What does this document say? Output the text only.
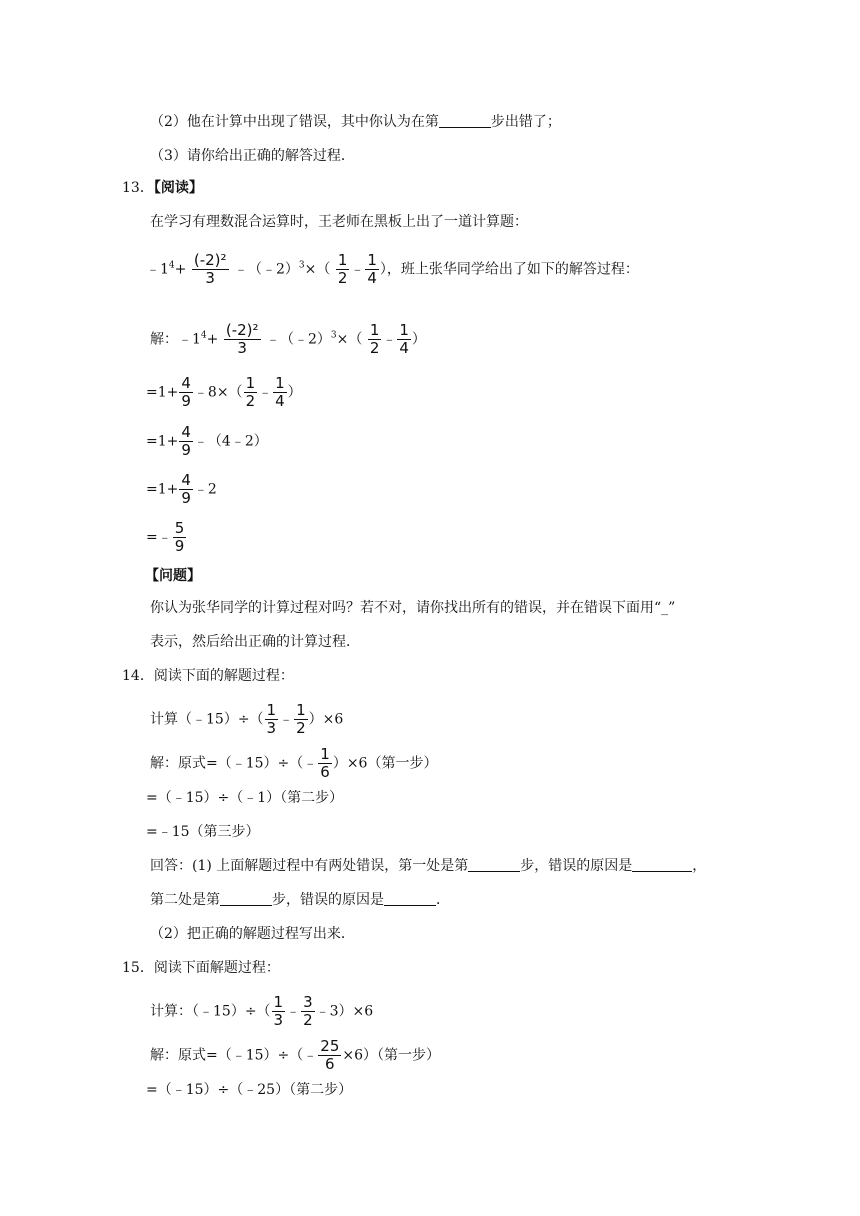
（2）他在计算中出现了错误，其中你认为在第	步出错了；
（3）请你给出正确的解答过程．
13．【阅读】
在学习有理数混合运算时，王老师在黑板上出了一道计算题：
$﹣1^4+ \frac{\text{(-2)²}}{3}$ ﹣（﹣2）$^3$×（ $\frac{1}{2}$ ﹣ $\frac{1}{4}$ ），班上张华同学给出了如下的解答过程：
解：$﹣1^4+ \frac{\text{(-2)²}}{3}$ ﹣（﹣2）$^3$×（ $\frac{1}{2}$ ﹣ $\frac{1}{4}$ ）
$=1+ \frac{4}{9}$ ﹣8×（ $\frac{1}{2}$ ﹣ $\frac{1}{4}$ ）
$=1+ \frac{4}{9}$ ﹣（4﹣2）
$=1+ \frac{4}{9}$ ﹣2
=﹣ $\frac{5}{9}$
【问题】
你认为张华同学的计算过程对吗？若不对，请你找出所有的错误，并在错误下面用“_”
表示，然后给出正确的计算过程．
14．阅读下面的解题过程：
计算（﹣15）÷（ $\frac{1}{3}$ ﹣ $\frac{1}{2} )\times 6$
解：原式=（﹣15）÷（﹣ $\frac{1}{6} )\times 6$（第一步）
=（﹣15）÷（﹣1）（第二步）
=﹣15（第三步）
回答：(1) 上面解题过程中有两处错误，第一处是第	步，错误的原因是	，
第二处是第	步，错误的原因是	．
（2）把正确的解题过程写出来．
15．阅读下面解题过程：
计算：（﹣15）÷（ $\frac{1}{3}$ ﹣ $\frac{3}{2}$ ﹣3）×6
解：原式=（﹣15）÷（﹣ $\frac{25}{6} \times 6$）（第一步）
=（﹣15）÷（﹣25）（第二步）
